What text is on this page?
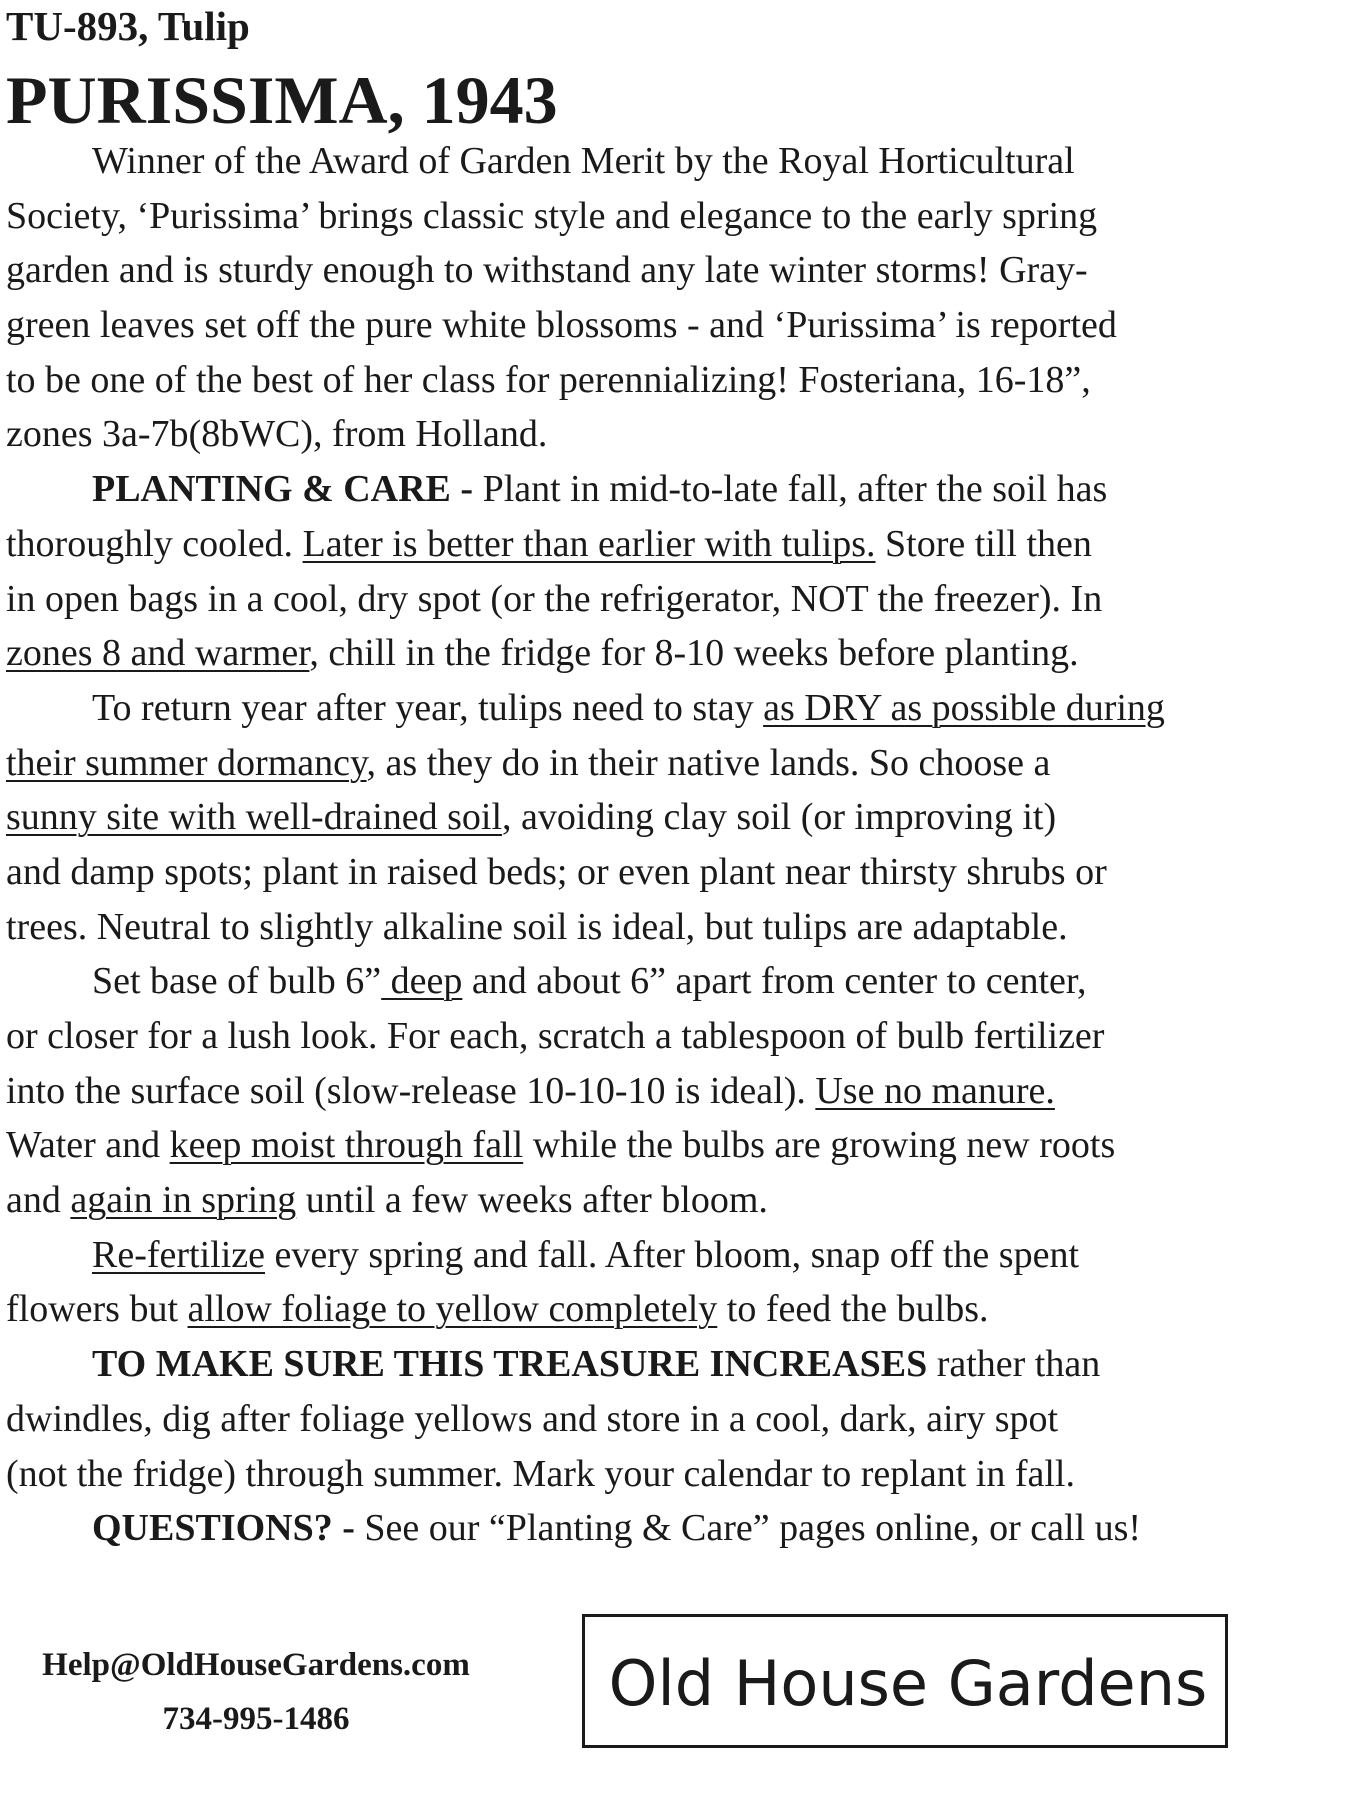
TU-893, Tulip
PURISSIMA, 1943
Winner of the Award of Garden Merit by the Royal Horticultural
Society, ‘Purissima’ brings classic style and elegance to the early spring
garden and is sturdy enough to withstand any late winter storms! Gray-
green leaves set off the pure white blossoms - and ‘Purissima’ is reported
to be one of the best of her class for perennializing! Fosteriana, 16-18”,
zones 3a-7b(8bWC), from Holland.
PLANTING & CARE - Plant in mid-to-late fall, after the soil has
thoroughly cooled. Later is better than earlier with tulips. Store till then
in open bags in a cool, dry spot (or the refrigerator, NOT the freezer). In
zones 8 and warmer, chill in the fridge for 8-10 weeks before planting.
To return year after year, tulips need to stay as DRY as possible during
their summer dormancy, as they do in their native lands. So choose a
sunny site with well-drained soil, avoiding clay soil (or improving it)
and damp spots; plant in raised beds; or even plant near thirsty shrubs or
trees. Neutral to slightly alkaline soil is ideal, but tulips are adaptable.
Set base of bulb 6” deep and about 6” apart from center to center,
or closer for a lush look. For each, scratch a tablespoon of bulb fertilizer
into the surface soil (slow-release 10-10-10 is ideal). Use no manure.
Water and keep moist through fall while the bulbs are growing new roots
and again in spring until a few weeks after bloom.
Re-fertilize every spring and fall. After bloom, snap off the spent
flowers but allow foliage to yellow completely to feed the bulbs.
TO MAKE SURE THIS TREASURE INCREASES rather than
dwindles, dig after foliage yellows and store in a cool, dark, airy spot
(not the fridge) through summer. Mark your calendar to replant in fall.
QUESTIONS? - See our “Planting & Care” pages online, or call us!
Help@OldHouseGardens.com
734-995-1486	Old House Gardens
